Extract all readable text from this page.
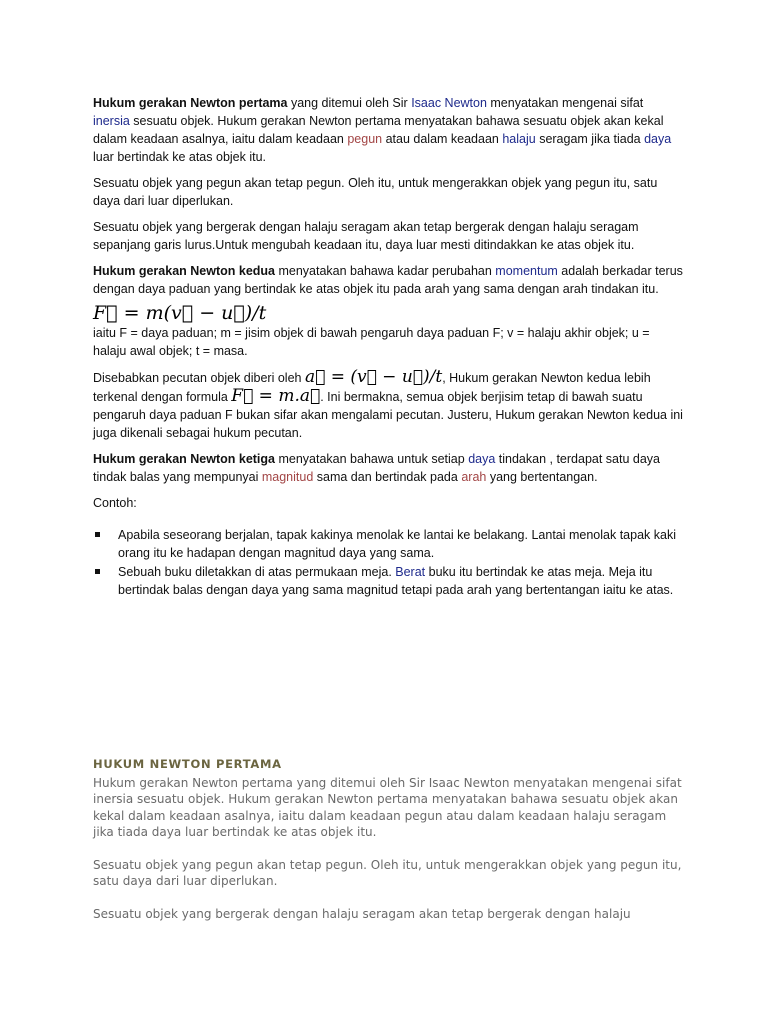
Hukum gerakan Newton pertama yang ditemui oleh Sir Isaac Newton menyatakan mengenai sifat inersia sesuatu objek. Hukum gerakan Newton pertama menyatakan bahawa sesuatu objek akan kekal dalam keadaan asalnya, iaitu dalam keadaan pegun atau dalam keadaan halaju seragam jika tiada daya luar bertindak ke atas objek itu.

Sesuatu objek yang pegun akan tetap pegun. Oleh itu, untuk mengerakkan objek yang pegun itu, satu daya dari luar diperlukan.

Sesuatu objek yang bergerak dengan halaju seragam akan tetap bergerak dengan halaju seragam sepanjang garis lurus.Untuk mengubah keadaan itu, daya luar mesti ditindakkan ke atas objek itu.

Hukum gerakan Newton kedua menyatakan bahawa kadar perubahan momentum adalah berkadar terus dengan daya paduan yang bertindak ke atas objek itu pada arah yang sama dengan arah tindakan itu.

F⃗ = m(v⃗ − u⃗)/t

iaitu F = daya paduan; m = jisim objek di bawah pengaruh daya paduan F; v = halaju akhir objek; u = halaju awal objek; t = masa.

Disebabkan pecutan objek diberi oleh a⃗ = (v⃗ − u⃗)/t, Hukum gerakan Newton kedua lebih terkenal dengan formula F⃗ = m.a⃗. Ini bermakna, semua objek berjisim tetap di bawah suatu pengaruh daya paduan F bukan sifar akan mengalami pecutan. Justeru, Hukum gerakan Newton kedua ini juga dikenali sebagai hukum pecutan.

Hukum gerakan Newton ketiga menyatakan bahawa untuk setiap daya tindakan , terdapat satu daya tindak balas yang mempunyai magnitud sama dan bertindak pada arah yang bertentangan.

Contoh:

Apabila seseorang berjalan, tapak kakinya menolak ke lantai ke belakang. Lantai menolak tapak kaki orang itu ke hadapan dengan magnitud daya yang sama.
Sebuah buku diletakkan di atas permukaan meja. Berat buku itu bertindak ke atas meja. Meja itu bertindak balas dengan daya yang sama magnitud tetapi pada arah yang bertentangan iaitu ke atas.
HUKUM NEWTON PERTAMA

Hukum gerakan Newton pertama yang ditemui oleh Sir Isaac Newton menyatakan mengenai sifat inersia sesuatu objek. Hukum gerakan Newton pertama menyatakan bahawa sesuatu objek akan kekal dalam keadaan asalnya, iaitu dalam keadaan pegun atau dalam keadaan halaju seragam jika tiada daya luar bertindak ke atas objek itu.

Sesuatu objek yang pegun akan tetap pegun. Oleh itu, untuk mengerakkan objek yang pegun itu, satu daya dari luar diperlukan.

Sesuatu objek yang bergerak dengan halaju seragam akan tetap bergerak dengan halaju
